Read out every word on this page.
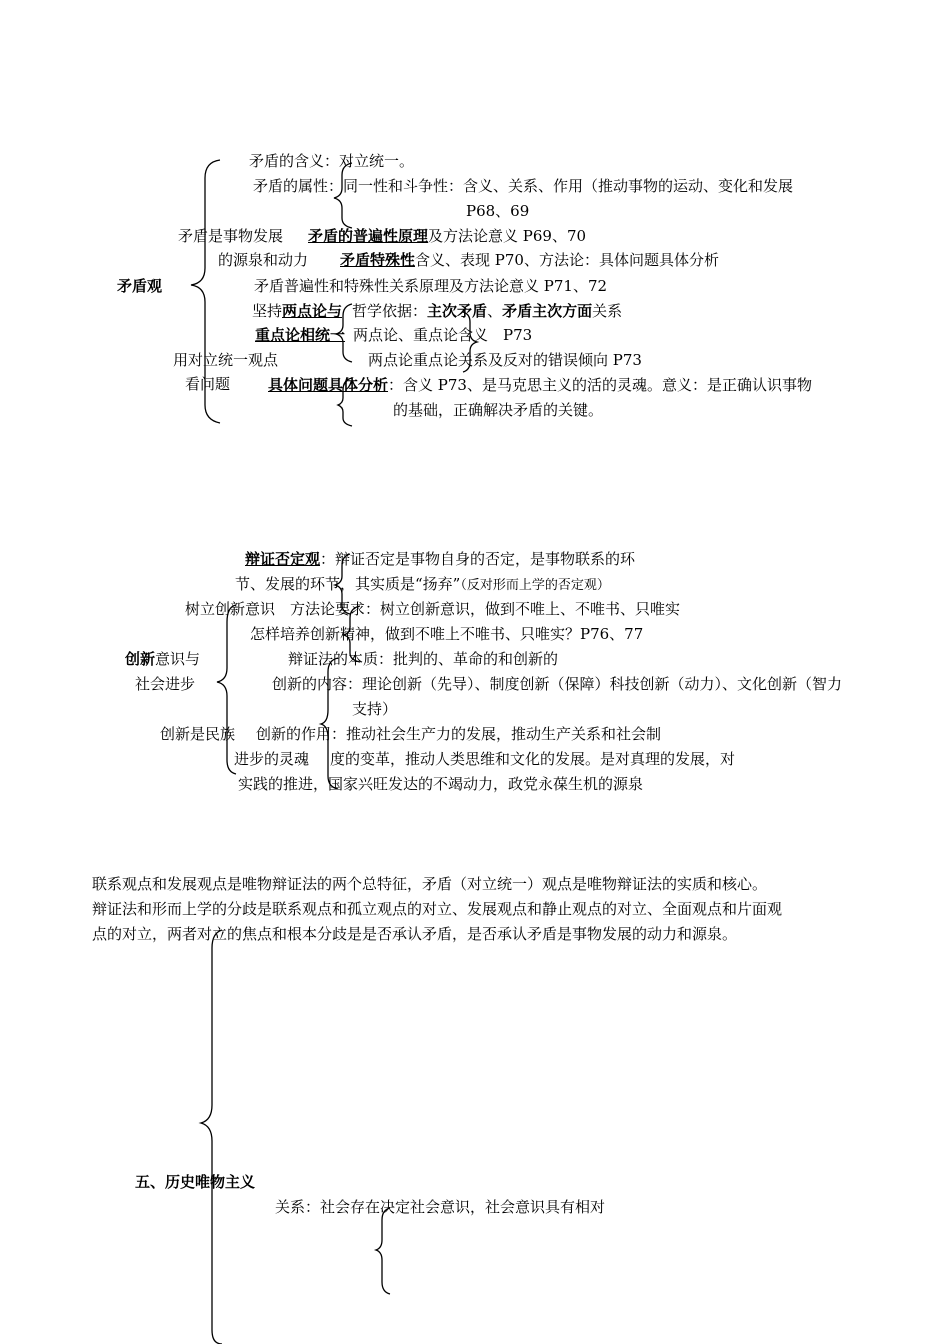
矛盾观
矛盾是事物发展
的源泉和动力
用对立统一观点
看问题
矛盾的含义：对立统一。
矛盾的属性：同一性和斗争性：含义、关系、作用（推动事物的运动、变化和发展
P68、69
矛盾的普遍性原理及方法论意义 P69、70
矛盾特殊性含义、表现 P70、方法论：具体问题具体分析
矛盾普遍性和特殊性关系原理及方法论意义 P71、72
坚持两点论与 哲学依据：主次矛盾、矛盾主次方面关系
重点论相统一 两点论、重点论含义　P73
两点论重点论关系及反对的错误倾向 P73
具体问题具体分析：含义 P73、是马克思主义的活的灵魂。意义：是正确认识事物
的基础，正确解决矛盾的关键。
辩证否定观：辩证否定是事物自身的否定，是事物联系的环
节、发展的环节，其实质是“扬弃”（反对形而上学的否定观）
树立创新意识　方法论要求：树立创新意识，做到不唯上、不唯书、只唯实
怎样培养创新精神，做到不唯上不唯书、只唯实？P76、77
创新意识与
社会进步
辩证法的本质：批判的、革命的和创新的
创新的内容：理论创新（先导）、制度创新（保障）科技创新（动力）、文化创新（智力
支持）
创新是民族
进步的灵魂
创新的作用：推动社会生产力的发展，推动生产关系和社会制
度的变革，推动人类思维和文化的发展。是对真理的发展，对
实践的推进，国家兴旺发达的不竭动力，政党永葆生机的源泉
联系观点和发展观点是唯物辩证法的两个总特征，矛盾（对立统一）观点是唯物辩证法的实质和核心。
辩证法和形而上学的分歧是联系观点和孤立观点的对立、发展观点和静止观点的对立、全面观点和片面观
点的对立，两者对立的焦点和根本分歧是是否承认矛盾，是否承认矛盾是事物发展的动力和源泉。
五、历史唯物主义
关系：社会存在决定社会意识，社会意识具有相对
